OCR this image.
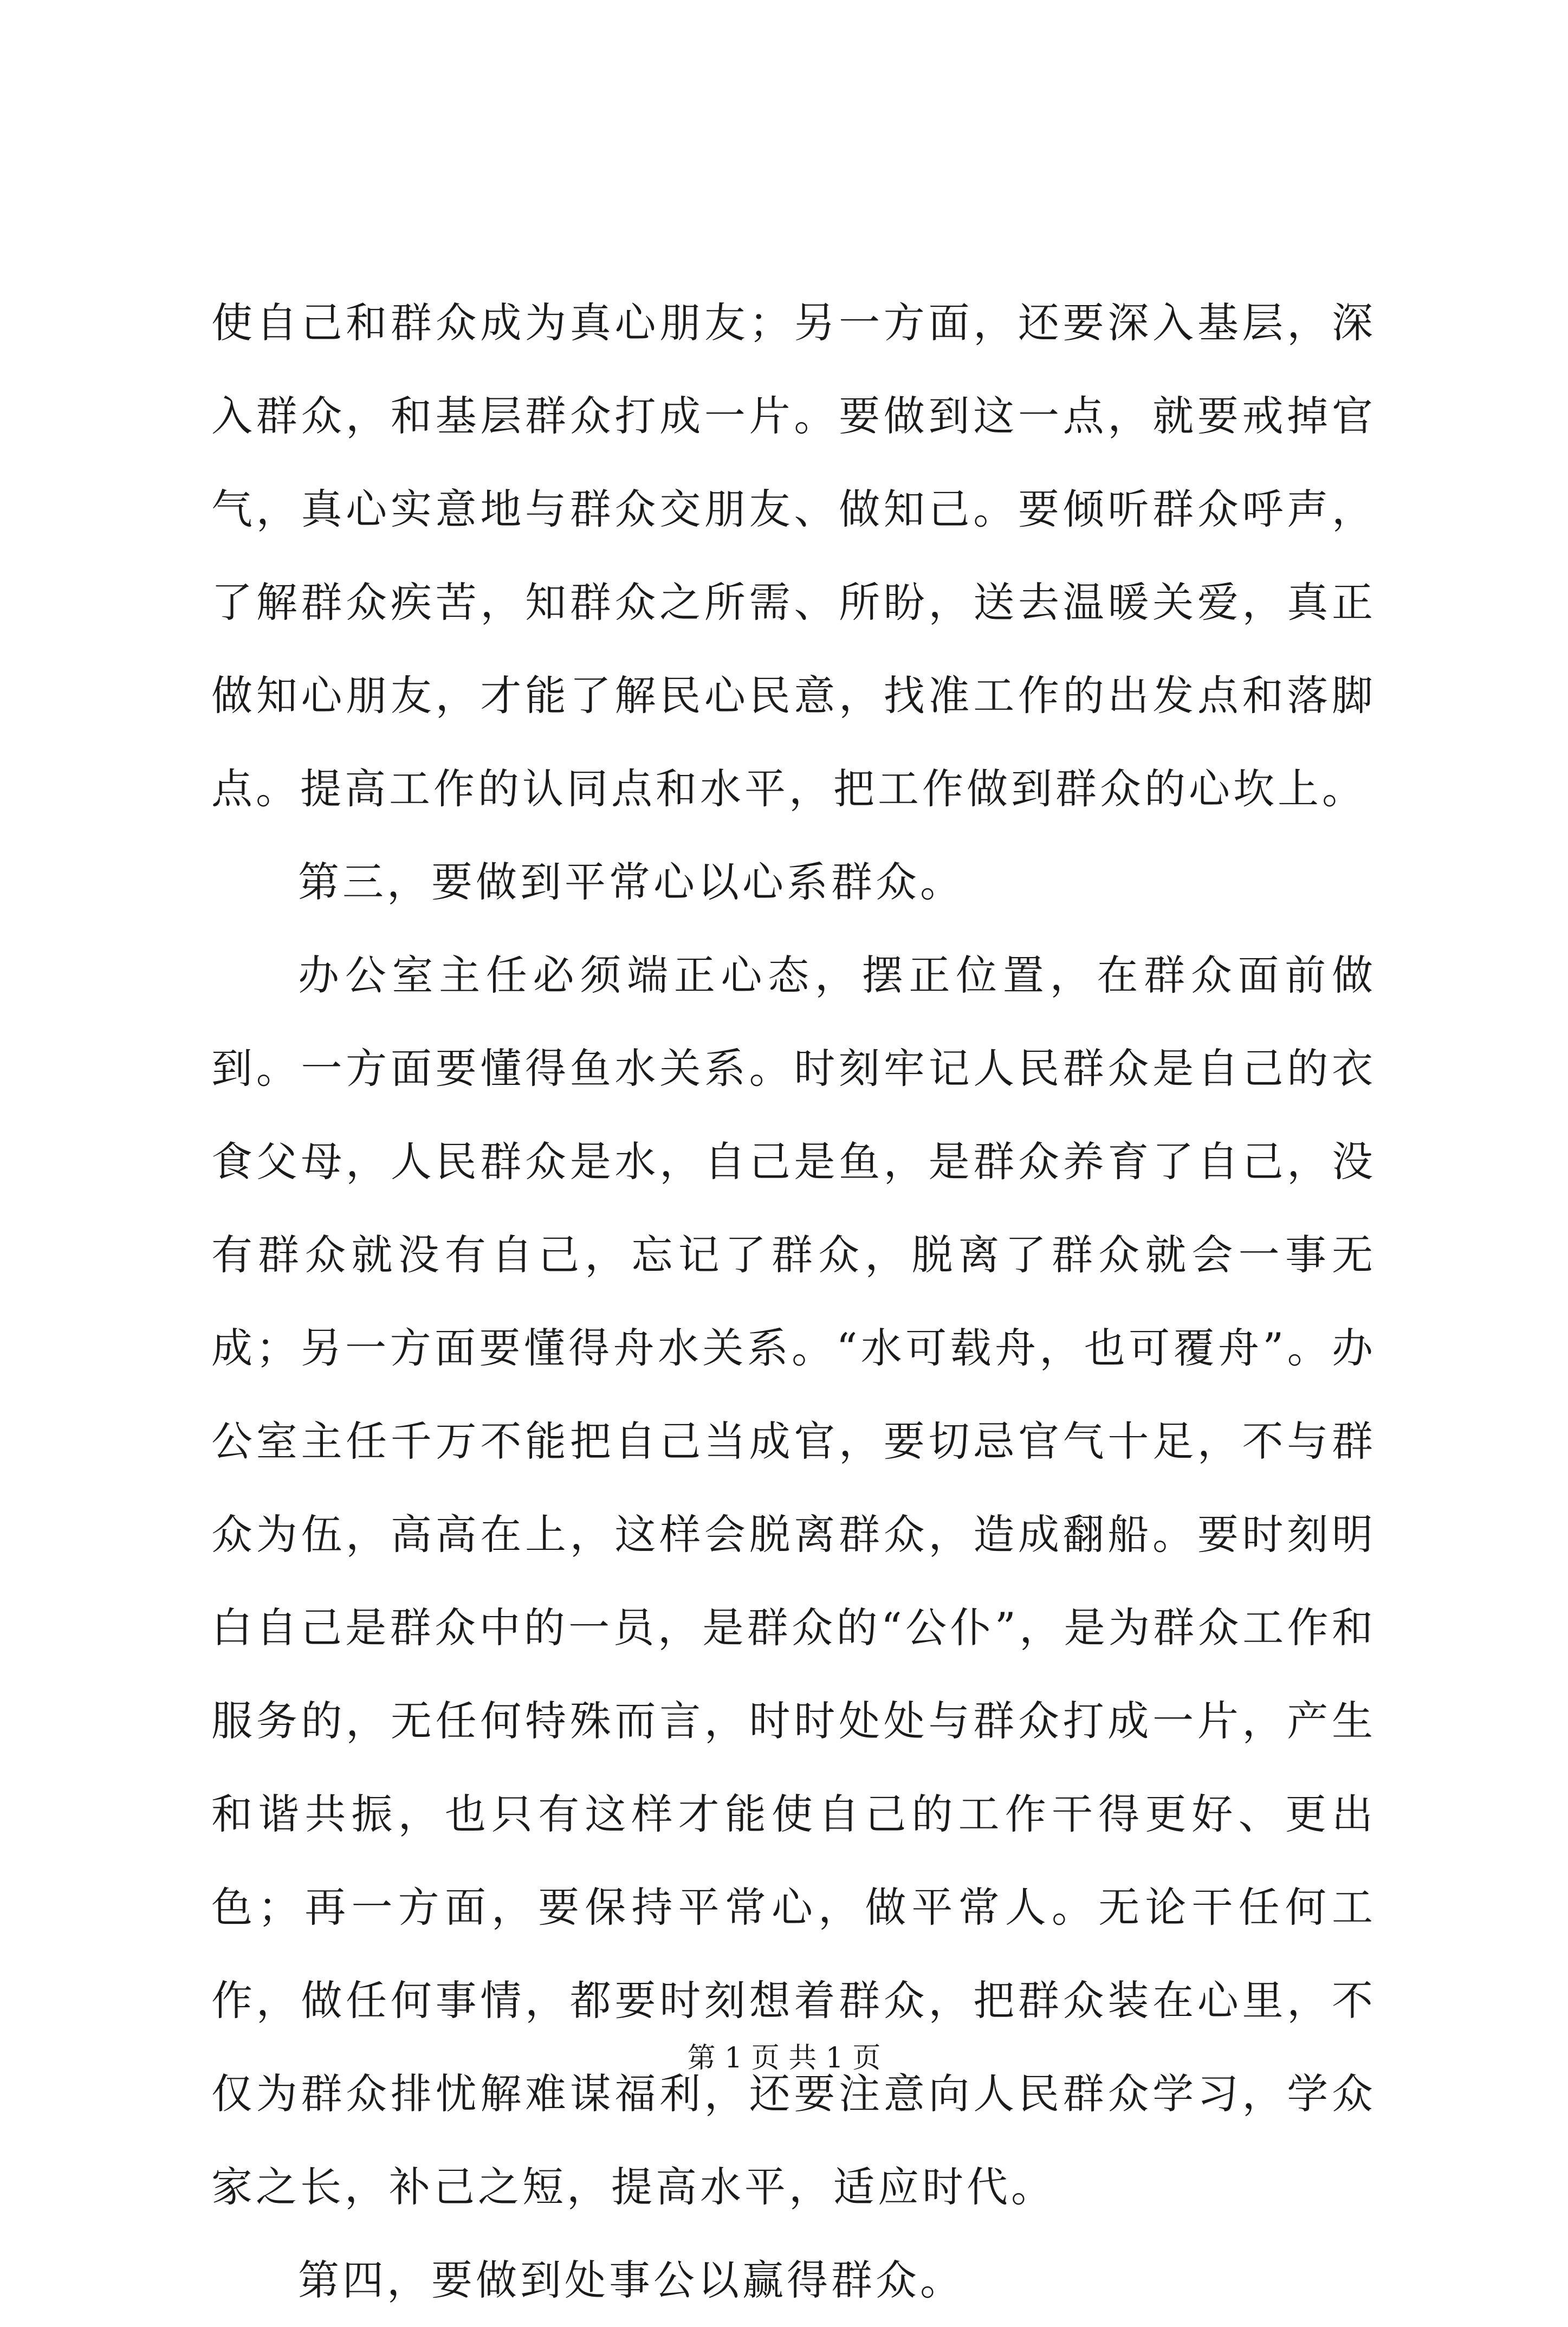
使自己和群众成为真心朋友；另一方面，还要深入基层，深入群众，和基层群众打成一片。要做到这一点，就要戒掉官气，真心实意地与群众交朋友、做知己。要倾听群众呼声，了解群众疾苦，知群众之所需、所盼，送去温暖关爱，真正做知心朋友，才能了解民心民意，找准工作的出发点和落脚点。提高工作的认同点和水平，把工作做到群众的心坎上。

第三，要做到平常心以心系群众。

办公室主任必须端正心态，摆正位置，在群众面前做到。一方面要懂得鱼水关系。时刻牢记人民群众是自己的衣食父母，人民群众是水，自己是鱼，是群众养育了自己，没有群众就没有自己，忘记了群众，脱离了群众就会一事无成；另一方面要懂得舟水关系。“水可载舟，也可覆舟”。办公室主任千万不能把自己当成官，要切忌官气十足，不与群众为伍，高高在上，这样会脱离群众，造成翻船。要时刻明白自己是群众中的一员，是群众的“公仆”，是为群众工作和服务的，无任何特殊而言，时时处处与群众打成一片，产生和谐共振，也只有这样才能使自己的工作干得更好、更出色；再一方面，要保持平常心，做平常人。无论干任何工作，做任何事情，都要时刻想着群众，把群众装在心里，不仅为群众排忧解难谋福利，还要注意向人民群众学习，学众家之长，补己之短，提高水平，适应时代。

第四，要做到处事公以赢得群众。

第 1 页 共 1 页
